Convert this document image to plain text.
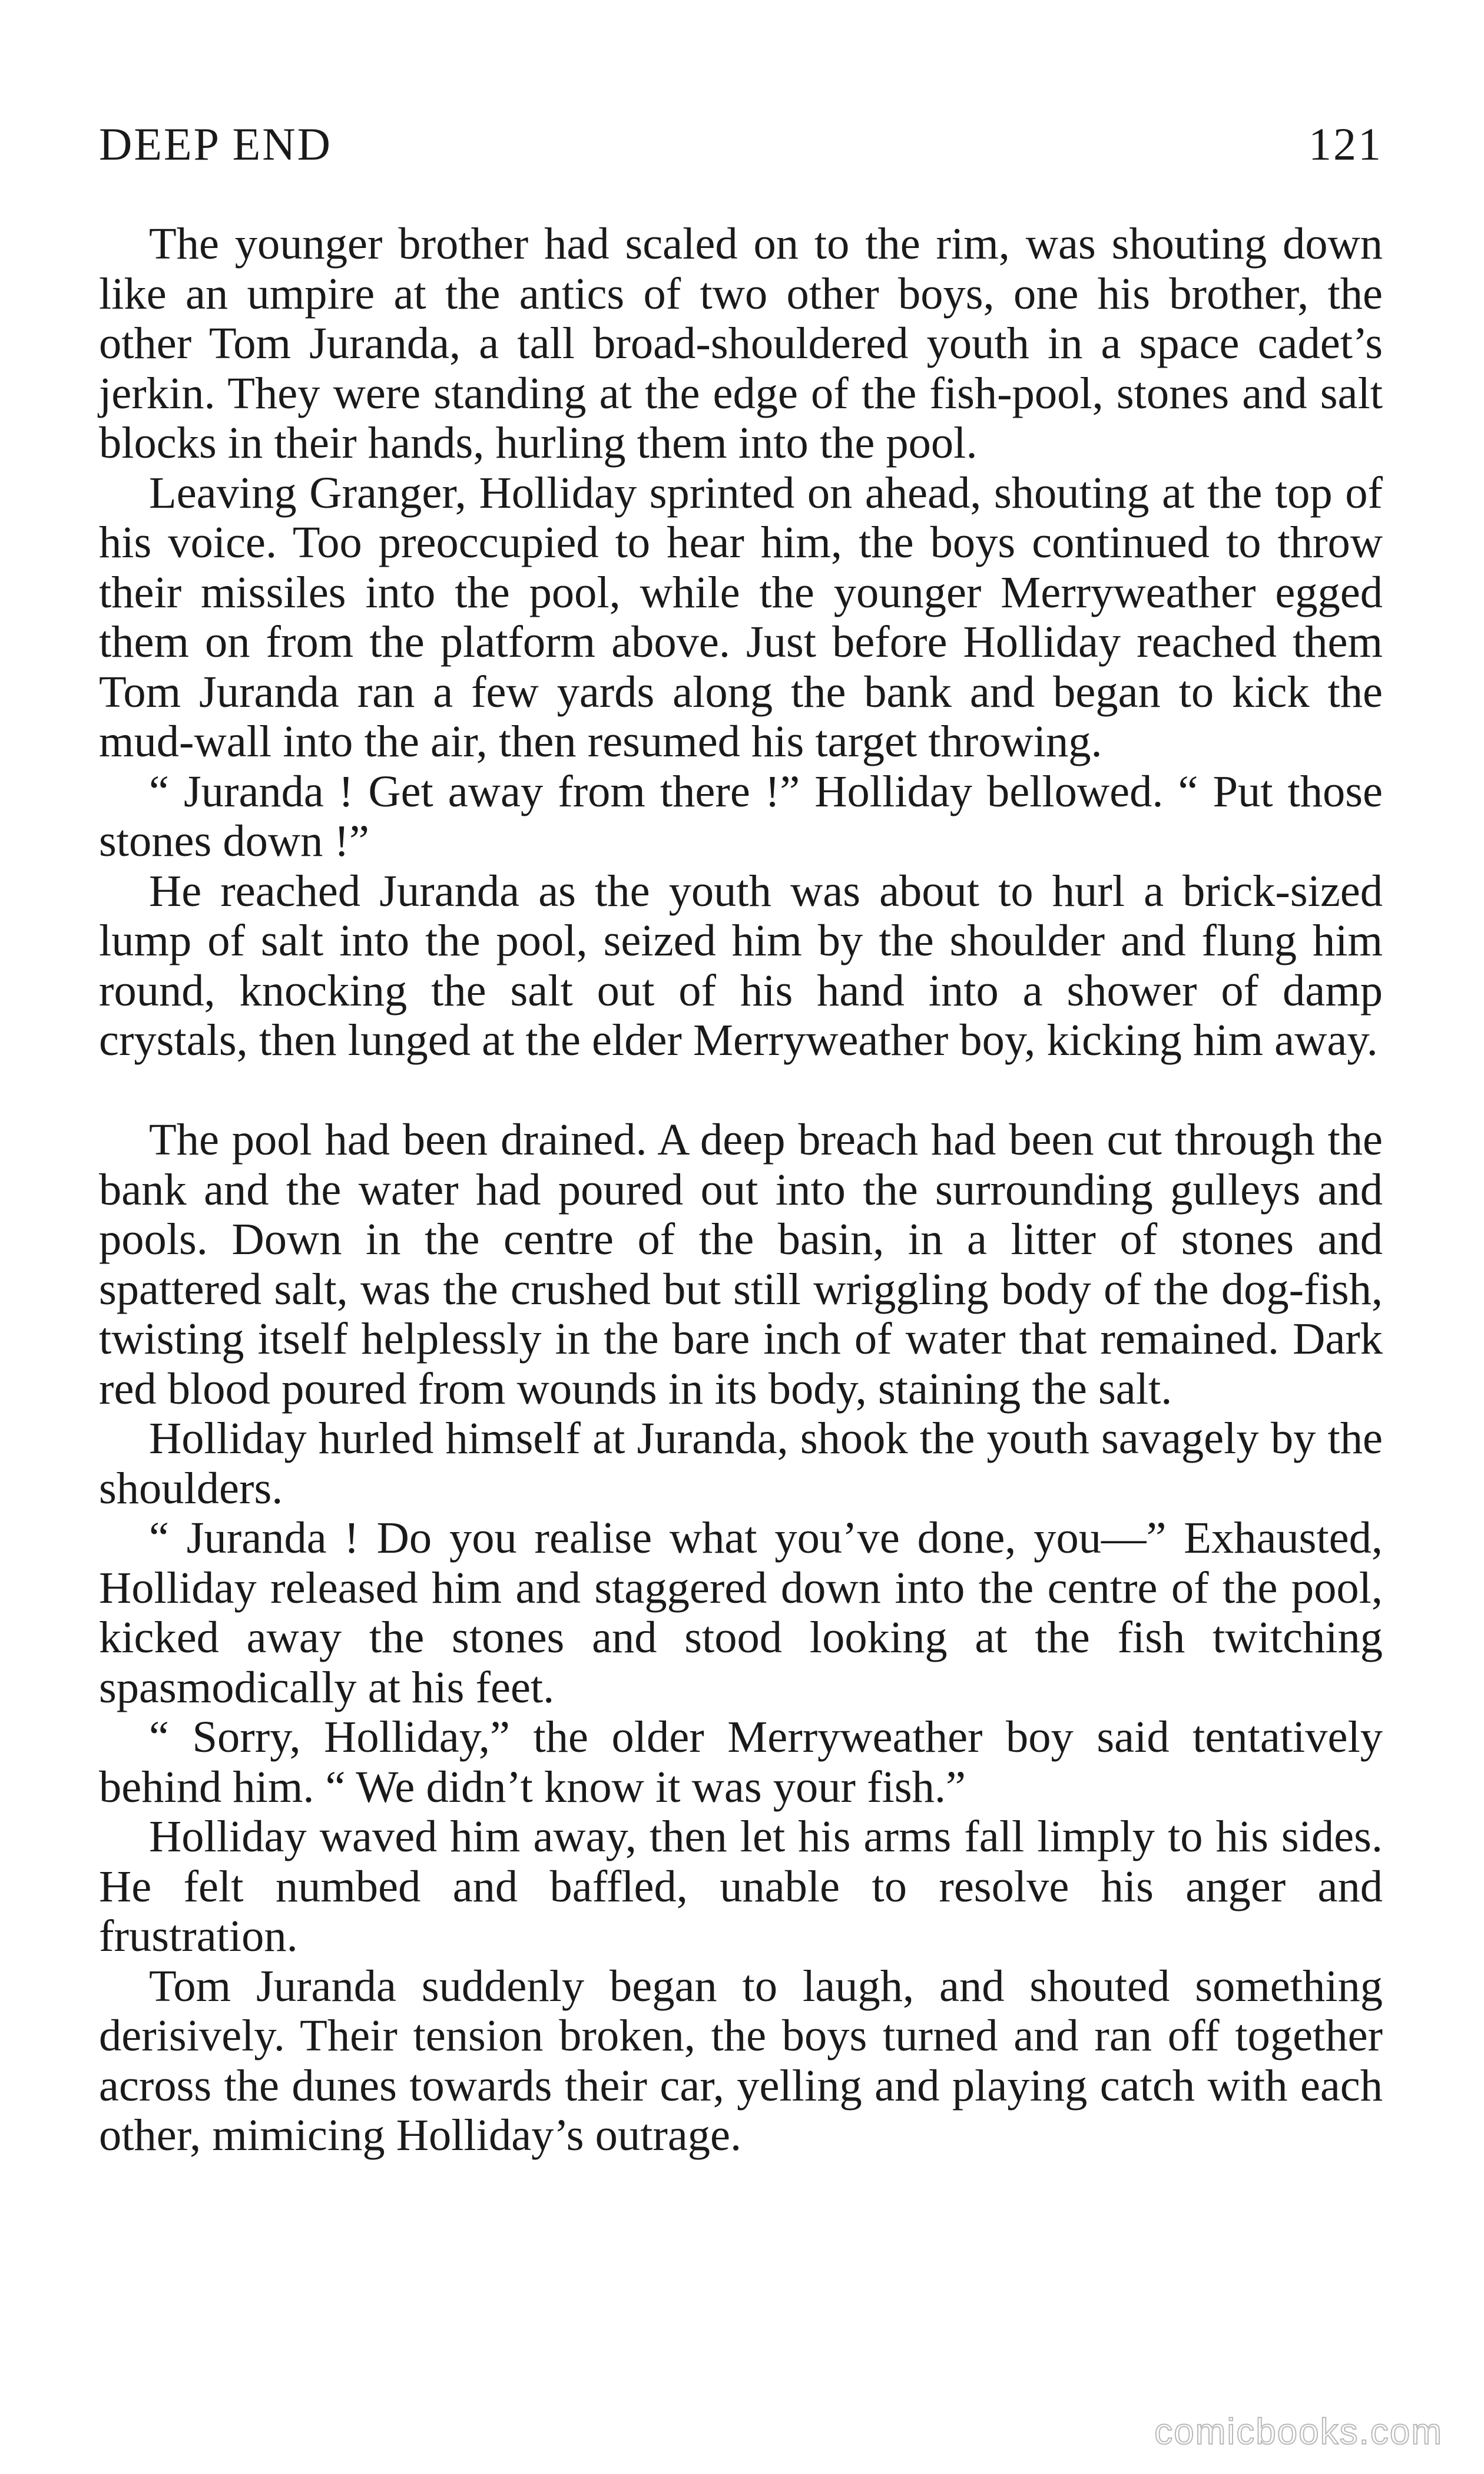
DEEP END	121

The younger brother had scaled on to the rim, was shouting down like an umpire at the antics of two other boys, one his brother, the other Tom Juranda, a tall broad-shouldered youth in a space cadet’s jerkin. They were standing at the edge of the fish-pool, stones and salt blocks in their hands, hurling them into the pool.

Leaving Granger, Holliday sprinted on ahead, shouting at the top of his voice. Too preoccupied to hear him, the boys continued to throw their missiles into the pool, while the younger Merryweather egged them on from the platform above. Just before Holliday reached them Tom Juranda ran a few yards along the bank and began to kick the mud-wall into the air, then resumed his target throwing.

“ Juranda ! Get away from there !” Holliday bellowed. “ Put those stones down !”

He reached Juranda as the youth was about to hurl a brick-sized lump of salt into the pool, seized him by the shoulder and flung him round, knocking the salt out of his hand into a shower of damp crystals, then lunged at the elder Merryweather boy, kicking him away.

The pool had been drained. A deep breach had been cut through the bank and the water had poured out into the surrounding gulleys and pools. Down in the centre of the basin, in a litter of stones and spattered salt, was the crushed but still wriggling body of the dog-fish, twisting itself helplessly in the bare inch of water that remained. Dark red blood poured from wounds in its body, staining the salt.

Holliday hurled himself at Juranda, shook the youth savagely by the shoulders.

“ Juranda ! Do you realise what you’ve done, you—” Exhausted, Holliday released him and staggered down into the centre of the pool, kicked away the stones and stood looking at the fish twitching spasmodically at his feet.

“ Sorry, Holliday,” the older Merryweather boy said tentatively behind him. “ We didn’t know it was your fish.”

Holliday waved him away, then let his arms fall limply to his sides. He felt numbed and baffled, unable to resolve his anger and frustration.

Tom Juranda suddenly began to laugh, and shouted something derisively. Their tension broken, the boys turned and ran off together across the dunes towards their car, yelling and playing catch with each other, mimicing Holliday’s outrage.

comicbooks.com
